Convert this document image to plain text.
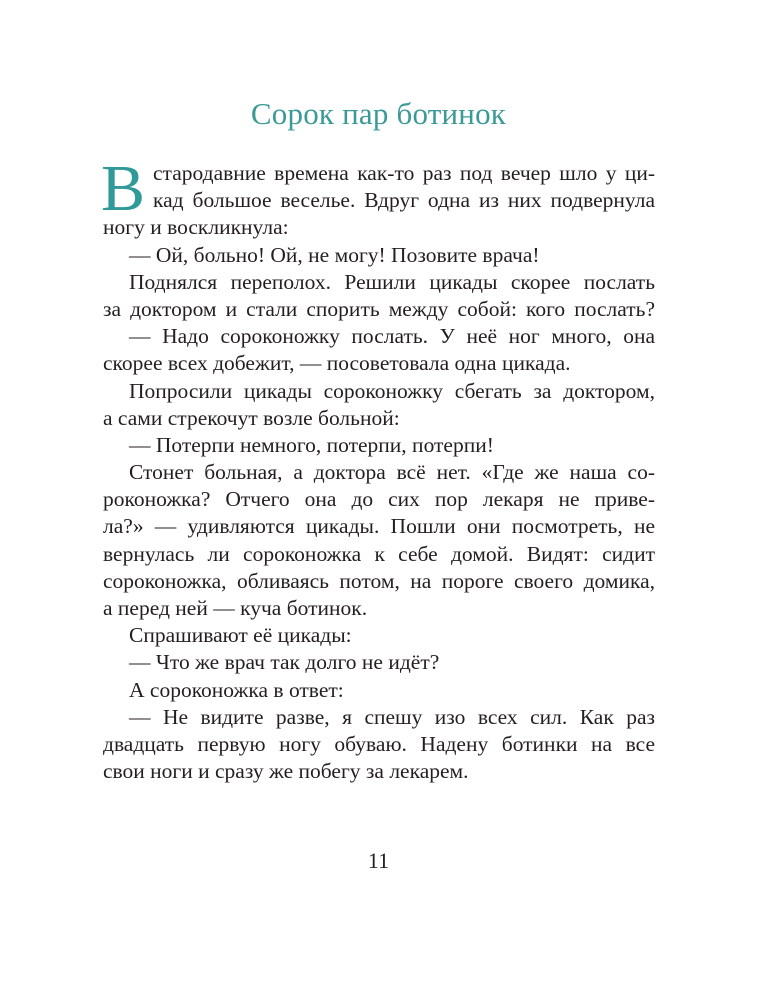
Сорок пар ботинок
В стародавние времена как-то раз под вечер шло у ци-
кад большое веселье. Вдруг одна из них подвернула
ногу и воскликнула:
— Ой, больно! Ой, не могу! Позовите врача!
Поднялся переполох. Решили цикады скорее послать
за доктором и стали спорить между собой: кого послать?
— Надо сороконожку послать. У неё ног много, она
скорее всех добежит, — посоветовала одна цикада.
Попросили цикады сороконожку сбегать за доктором,
а сами стрекочут возле больной:
— Потерпи немного, потерпи, потерпи!
Стонет больная, а доктора всё нет. «Где же наша со-
роконожка? Отчего она до сих пор лекаря не приве-
ла?» — удивляются цикады. Пошли они посмотреть, не
вернулась ли сороконожка к себе домой. Видят: сидит
сороконожка, обливаясь потом, на пороге своего домика,
а перед ней — куча ботинок.
Спрашивают её цикады:
— Что же врач так долго не идёт?
А сороконожка в ответ:
— Не видите разве, я спешу изо всех сил. Как раз
двадцать первую ногу обуваю. Надену ботинки на все
свои ноги и сразу же побегу за лекарем.
11
